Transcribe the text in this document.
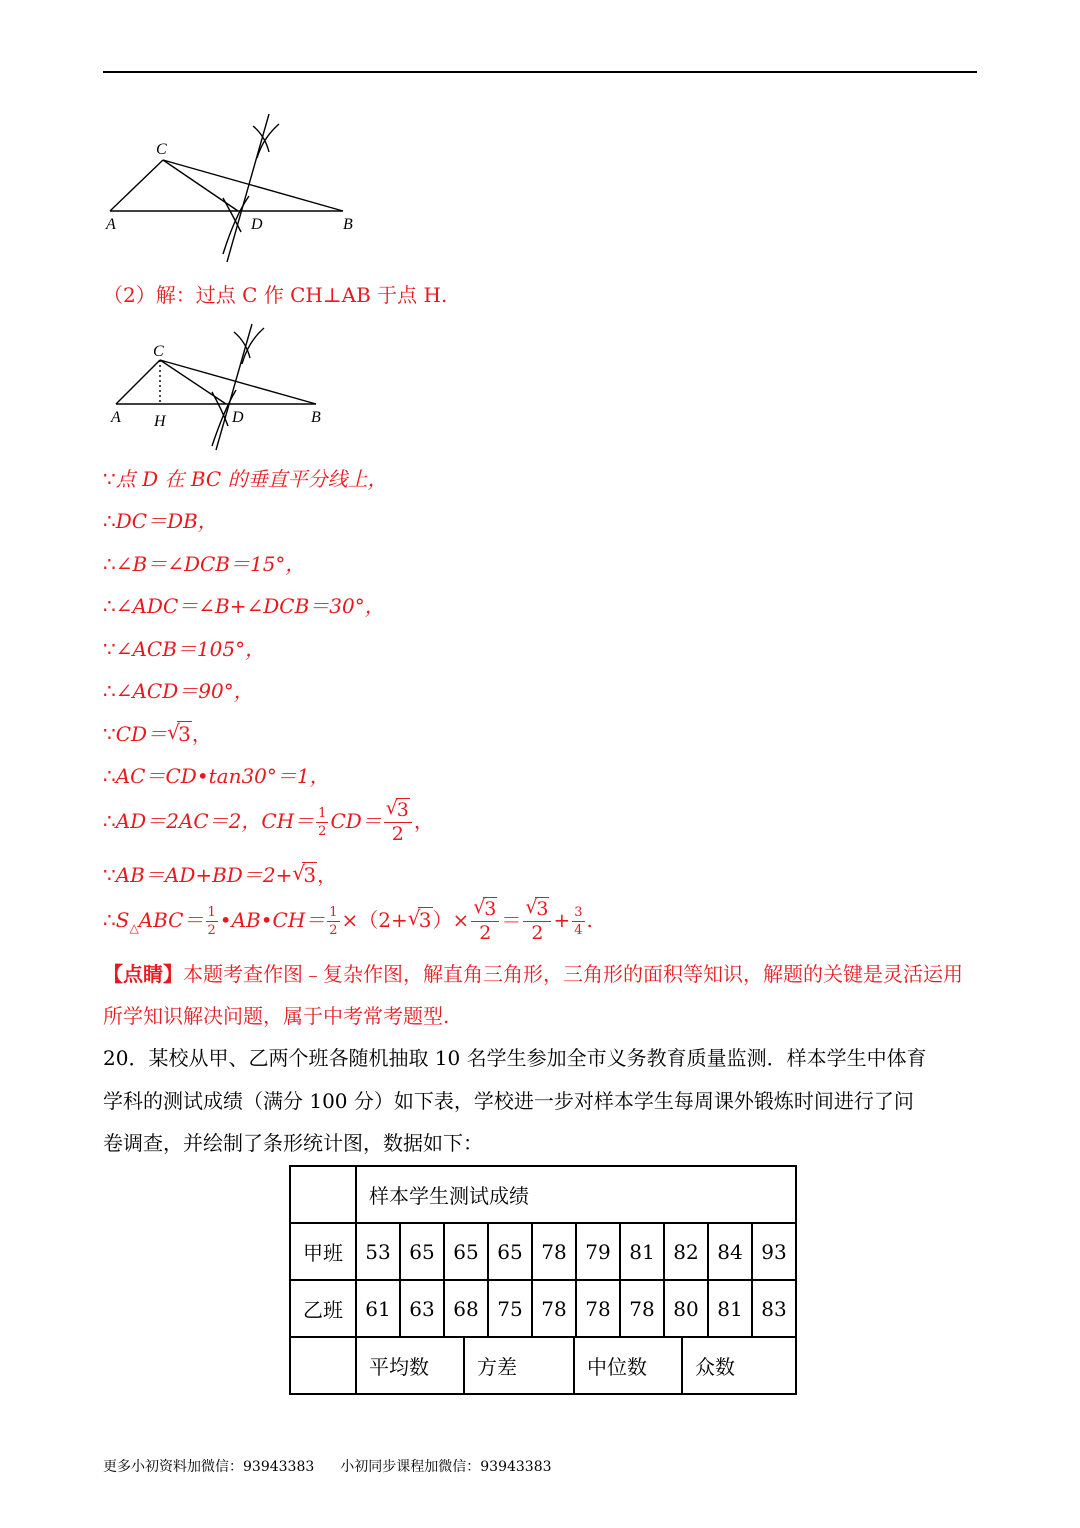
C
A	D	B
（2）解：过点 C 作 CH⊥AB 于点 H.
C
A H	D	B
∵点 D 在 BC 的垂直平分线上，
∴DC＝DB，
∴∠B＝∠DCB＝15°，
∴∠ADC＝∠B+∠DCB＝30°，
∵∠ACB＝105°，
∴∠ACD＝90°，
∵CD＝ √
3，
∴AC＝CD•tan30°＝1，
∴AD＝2AC＝2，$CH= \frac{1}{2} CD=$ √
3
2 ，
∵AB＝AD+BD＝2+ √
3，
$\therefore S_\triangle ABC= \frac{1}{2}$ •AB•CH＝ $\frac{1}{2} \times(2+$ √
3）× √
3
2 ＝ √
3
$2 + \frac{3}{4}$ .
【点睛】本题考查作图﹣复杂作图，解直角三角形，三角形的面积等知识，解题的关键是灵活运用所学知识解决问题，属于中考常考题型.
20．某校从甲、乙两个班各随机抽取 10 名学生参加全市义务教育质量监测．样本学生中体育
学科的测试成绩（满分 100 分）如下表，学校进一步对样本学生每周课外锻炼时间进行了问
卷调查，并绘制了条形统计图，数据如下：
	样本学生测试成绩									
甲班	53	65	65	65	78	79	81	82	84	93
乙班	61	63	68	75	78	78	78	80	81	83

平均数 方差 中位数 众数									
更多小初资料加微信：93943383 小初同步课程加微信：93943383
